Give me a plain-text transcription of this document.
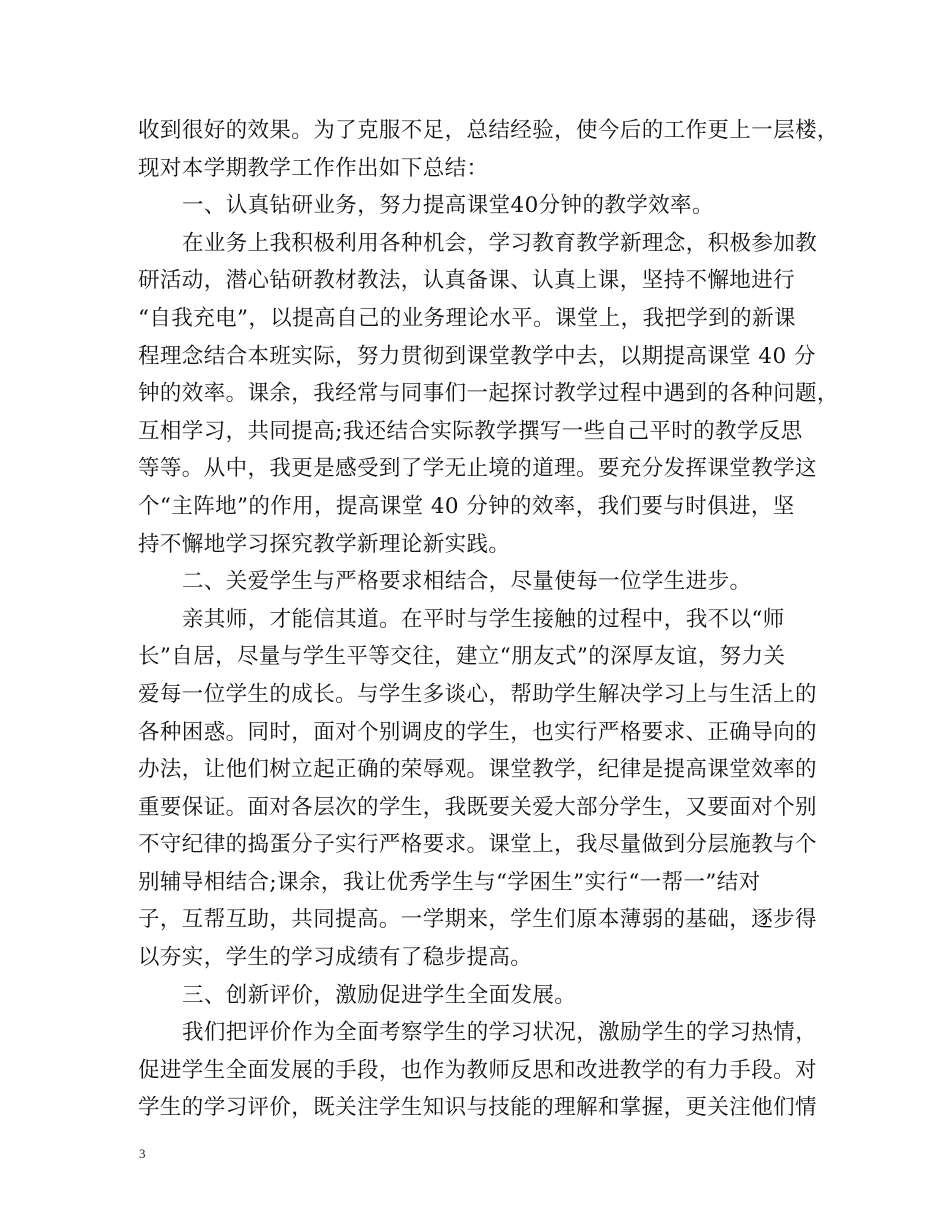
收到很好的效果。为了克服不足，总结经验，使今后的工作更上一层楼，
现对本学期教学工作作出如下总结：
一、认真钻研业务，努力提高课堂40分钟的教学效率。
在业务上我积极利用各种机会，学习教育教学新理念，积极参加教
研活动，潜心钻研教材教法，认真备课、认真上课，坚持不懈地进行
“自我充电”，以提高自己的业务理论水平。课堂上，我把学到的新课
程理念结合本班实际，努力贯彻到课堂教学中去，以期提高课堂 40 分
钟的效率。课余，我经常与同事们一起探讨教学过程中遇到的各种问题，
互相学习，共同提高;我还结合实际教学撰写一些自己平时的教学反思
等等。从中，我更是感受到了学无止境的道理。要充分发挥课堂教学这
个“主阵地”的作用，提高课堂 40 分钟的效率，我们要与时俱进，坚
持不懈地学习探究教学新理论新实践。
二、关爱学生与严格要求相结合，尽量使每一位学生进步。
亲其师，才能信其道。在平时与学生接触的过程中，我不以“师
长”自居，尽量与学生平等交往，建立“朋友式”的深厚友谊，努力关
爱每一位学生的成长。与学生多谈心，帮助学生解决学习上与生活上的
各种困惑。同时，面对个别调皮的学生，也实行严格要求、正确导向的
办法，让他们树立起正确的荣辱观。课堂教学，纪律是提高课堂效率的
重要保证。面对各层次的学生，我既要关爱大部分学生，又要面对个别
不守纪律的捣蛋分子实行严格要求。课堂上，我尽量做到分层施教与个
别辅导相结合;课余，我让优秀学生与“学困生”实行“一帮一”结对
子，互帮互助，共同提高。一学期来，学生们原本薄弱的基础，逐步得
以夯实，学生的学习成绩有了稳步提高。
三、创新评价，激励促进学生全面发展。
我们把评价作为全面考察学生的学习状况，激励学生的学习热情，
促进学生全面发展的手段，也作为教师反思和改进教学的有力手段。对
学生的学习评价，既关注学生知识与技能的理解和掌握，更关注他们情
3
